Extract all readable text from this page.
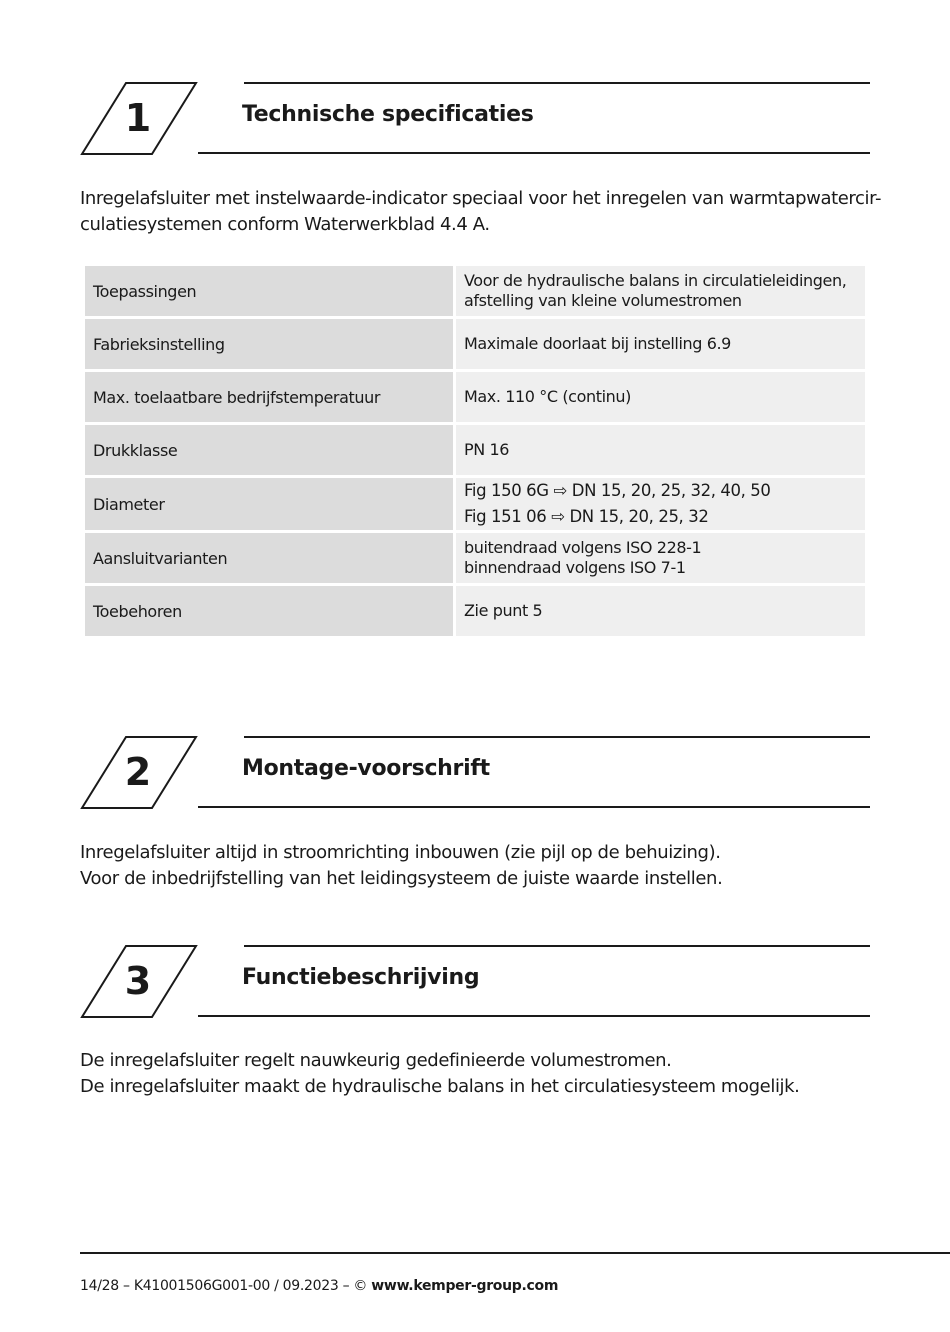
1	Technische specificaties
Inregelafsluiter met instelwaarde-indicator speciaal voor het inregelen van warmtapwatercir-
culatiesystemen conform Waterwerkblad 4.4 A.
Toepassingen	Voor de hydraulische balans in circulatieleidingen,
afstelling van kleine volumestromen

Fabrieksinstelling	Maximale doorlaat bij instelling 6.9
Max. toelaatbare bedrijfstemperatuur	Max. 110 °C (continu)
Drukklasse	PN 16
Diameter	Fig 150 6G ⇨ DN 15, 20, 25, 32, 40, 50
Fig 151 06 ⇨ DN 15, 20, 25, 32

Aansluitvarianten	buitendraad volgens ISO 228-1
binnendraad volgens ISO 7-1

Toebehoren	Zie punt 5
2	Montage-voorschrift
Inregelafsluiter altijd in stroomrichting inbouwen (zie pijl op de behuizing).
Voor de inbedrijfstelling van het leidingsysteem de juiste waarde instellen.
3	Functiebeschrijving
De inregelafsluiter regelt nauwkeurig gedefinieerde volumestromen.
De inregelafsluiter maakt de hydraulische balans in het circulatiesysteem mogelijk.
14/28 – K41001506G001-00 / 09.2023 – © www.kemper-group.com
